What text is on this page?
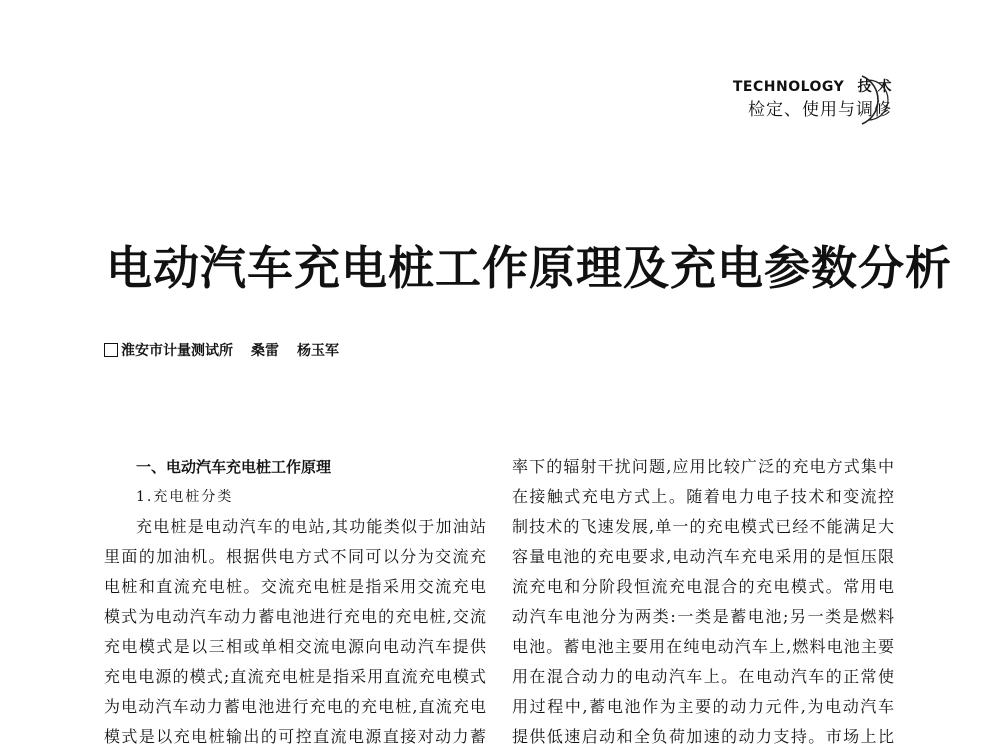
TECHNOLOGY 技 术
检定、使用与调修
电动汽车充电桩工作原理及充电参数分析
淮安市计量测试所 桑雷 杨玉军
一、电动汽车充电桩工作原理
1.充电桩分类
充电桩是电动汽车的电站,其功能类似于加油站
里面的加油机。根据供电方式不同可以分为交流充
电桩和直流充电桩。交流充电桩是指采用交流充电
模式为电动汽车动力蓄电池进行充电的充电桩,交流
充电模式是以三相或单相交流电源向电动汽车提供
充电电源的模式;直流充电桩是指采用直流充电模式
为电动汽车动力蓄电池进行充电的充电桩,直流充电
模式是以充电桩输出的可控直流电源直接对动力蓄
率下的辐射干扰问题,应用比较广泛的充电方式集中
在接触式充电方式上。随着电力电子技术和变流控
制技术的飞速发展,单一的充电模式已经不能满足大
容量电池的充电要求,电动汽车充电采用的是恒压限
流充电和分阶段恒流充电混合的充电模式。常用电
动汽车电池分为两类:一类是蓄电池;另一类是燃料
电池。蓄电池主要用在纯电动汽车上,燃料电池主要
用在混合动力的电动汽车上。在电动汽车的正常使
用过程中,蓄电池作为主要的动力元件,为电动汽车
提供低速启动和全负荷加速的动力支持。市场上比
